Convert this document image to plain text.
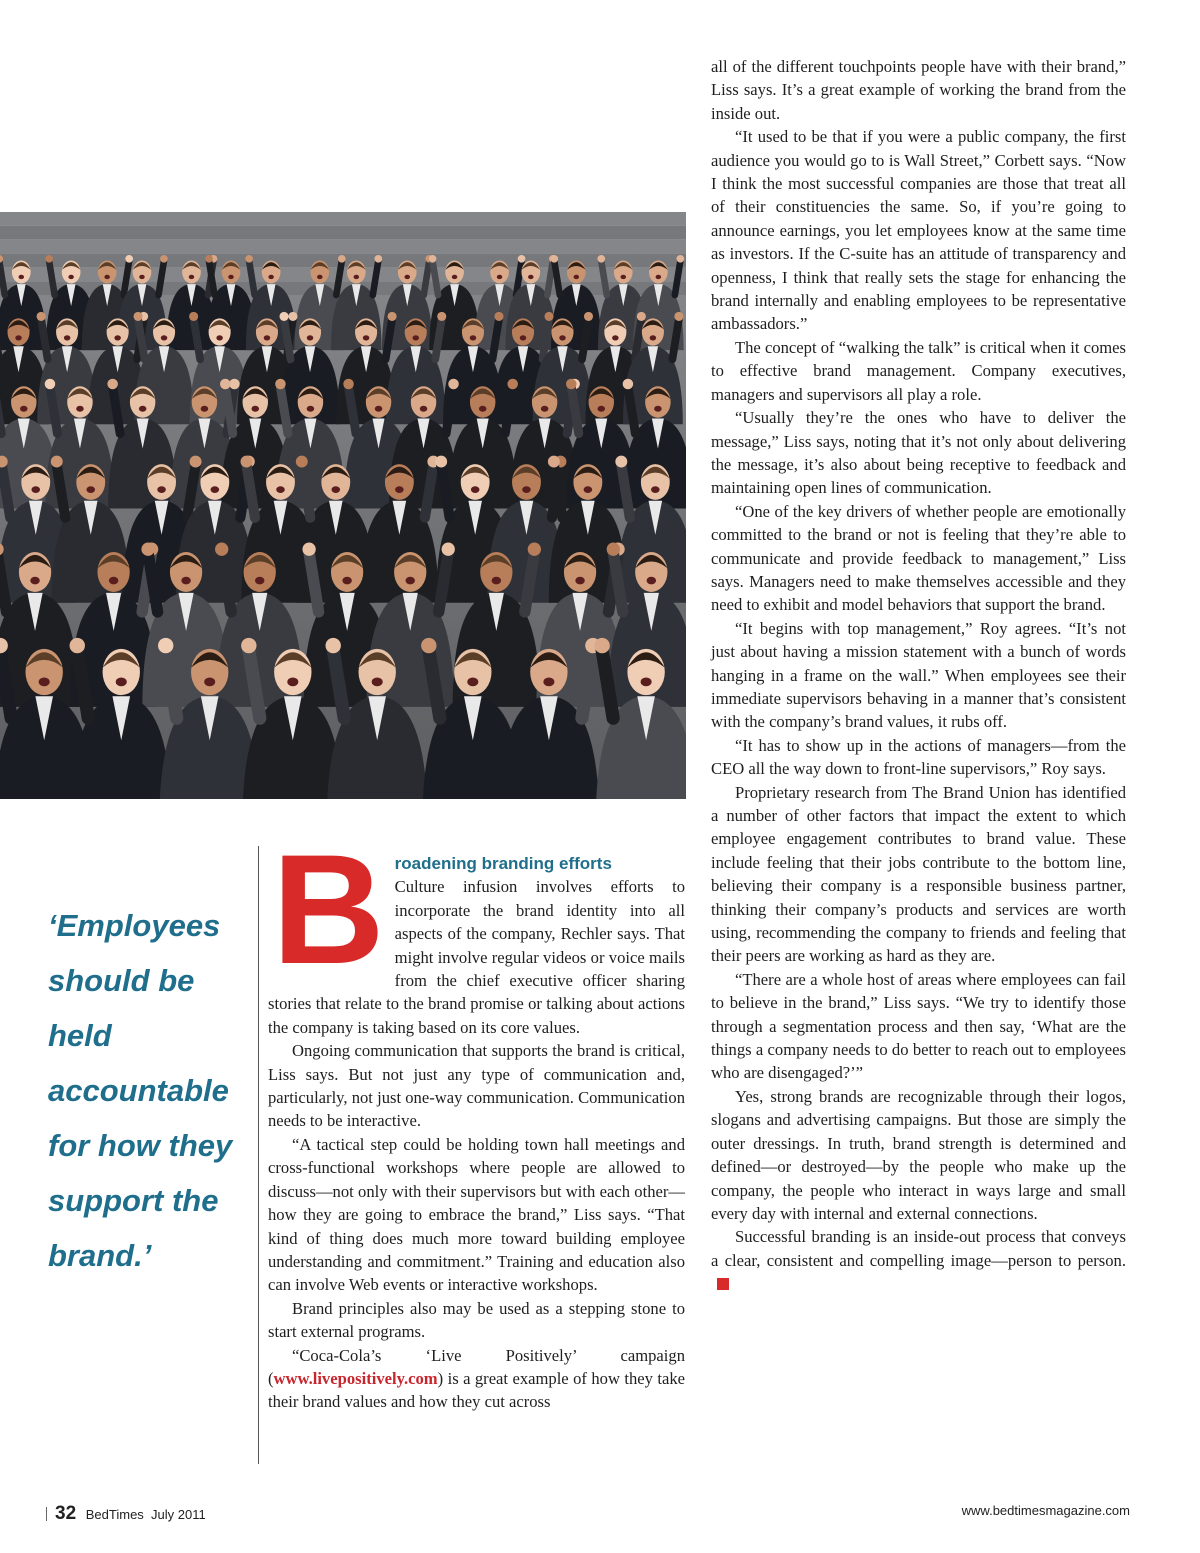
all of the different touchpoints people have with their brand,” Liss says. It’s a great example of working the brand from the inside out.

“It used to be that if you were a public company, the first audience you would go to is Wall Street,” Corbett says. “Now I think the most successful companies are those that treat all of their constituencies the same. So, if you’re going to announce earnings, you let employees know at the same time as investors. If the C-suite has an attitude of transparency and openness, I think that really sets the stage for enhancing the brand internally and enabling employees to be representative ambassadors.”

The concept of “walking the talk” is critical when it comes to effective brand management. Company executives, managers and supervisors all play a role.

“Usually they’re the ones who have to deliver the message,” Liss says, noting that it’s not only about delivering the message, it’s also about being receptive to feedback and maintaining open lines of communication.

“One of the key drivers of whether people are emotionally committed to the brand or not is feeling that they’re able to communicate and provide feedback to management,” Liss says. Managers need to make themselves accessible and they need to exhibit and model behaviors that support the brand.

“It begins with top management,” Roy agrees. “It’s not just about having a mission statement with a bunch of words hanging in a frame on the wall.” When employees see their immediate supervisors behaving in a manner that’s consistent with the company’s brand values, it rubs off.

“It has to show up in the actions of managers—from the CEO all the way down to front-line supervisors,” Roy says.

Proprietary research from The Brand Union has identified a number of other factors that impact the extent to which employee engagement contributes to brand value. These include feeling that their jobs contribute to the bottom line, believing their company is a responsible business partner, thinking their company’s products and services are worth using, recommending the company to friends and feeling that their peers are working as hard as they are.

“There are a whole host of areas where employees can fail to believe in the brand,” Liss says. “We try to identify those through a segmentation process and then say, ‘What are the things a company needs to do better to reach out to employees who are disengaged?’”

Yes, strong brands are recognizable through their logos, slogans and advertising campaigns. But those are simply the outer dressings. In truth, brand strength is determined and defined—or destroyed—by the people who make up the company, the people who interact in ways large and small every day with internal and external connections.

Successful branding is an inside-out process that conveys a clear, consistent and compelling image—person to person.

B roadening branding efforts
Culture infusion involves efforts to incorporate the brand identity into all aspects of the company, Rechler says. That might involve regular videos or voice mails from the chief executive officer sharing stories that relate to the brand promise or talking about actions the company is taking based on its core values.

Ongoing communication that supports the brand is critical, Liss says. But not just any type of communication and, particularly, not just one-way communication. Communication needs to be interactive.

“A tactical step could be holding town hall meetings and cross-functional workshops where people are allowed to discuss—not only with their supervisors but with each other—how they are going to embrace the brand,” Liss says. “That kind of thing does much more toward building employee understanding and commitment.” Training and education also can involve Web events or interactive workshops.

Brand principles also may be used as a stepping stone to start external programs.

“Coca-Cola’s ‘Live Positively’ campaign (www.livepositively.com) is a great example of how they take their brand values and how they cut across

‘Employees should be held accountable for how they support the brand.’
32 BedTimes July 2011	www.bedtimesmagazine.com
